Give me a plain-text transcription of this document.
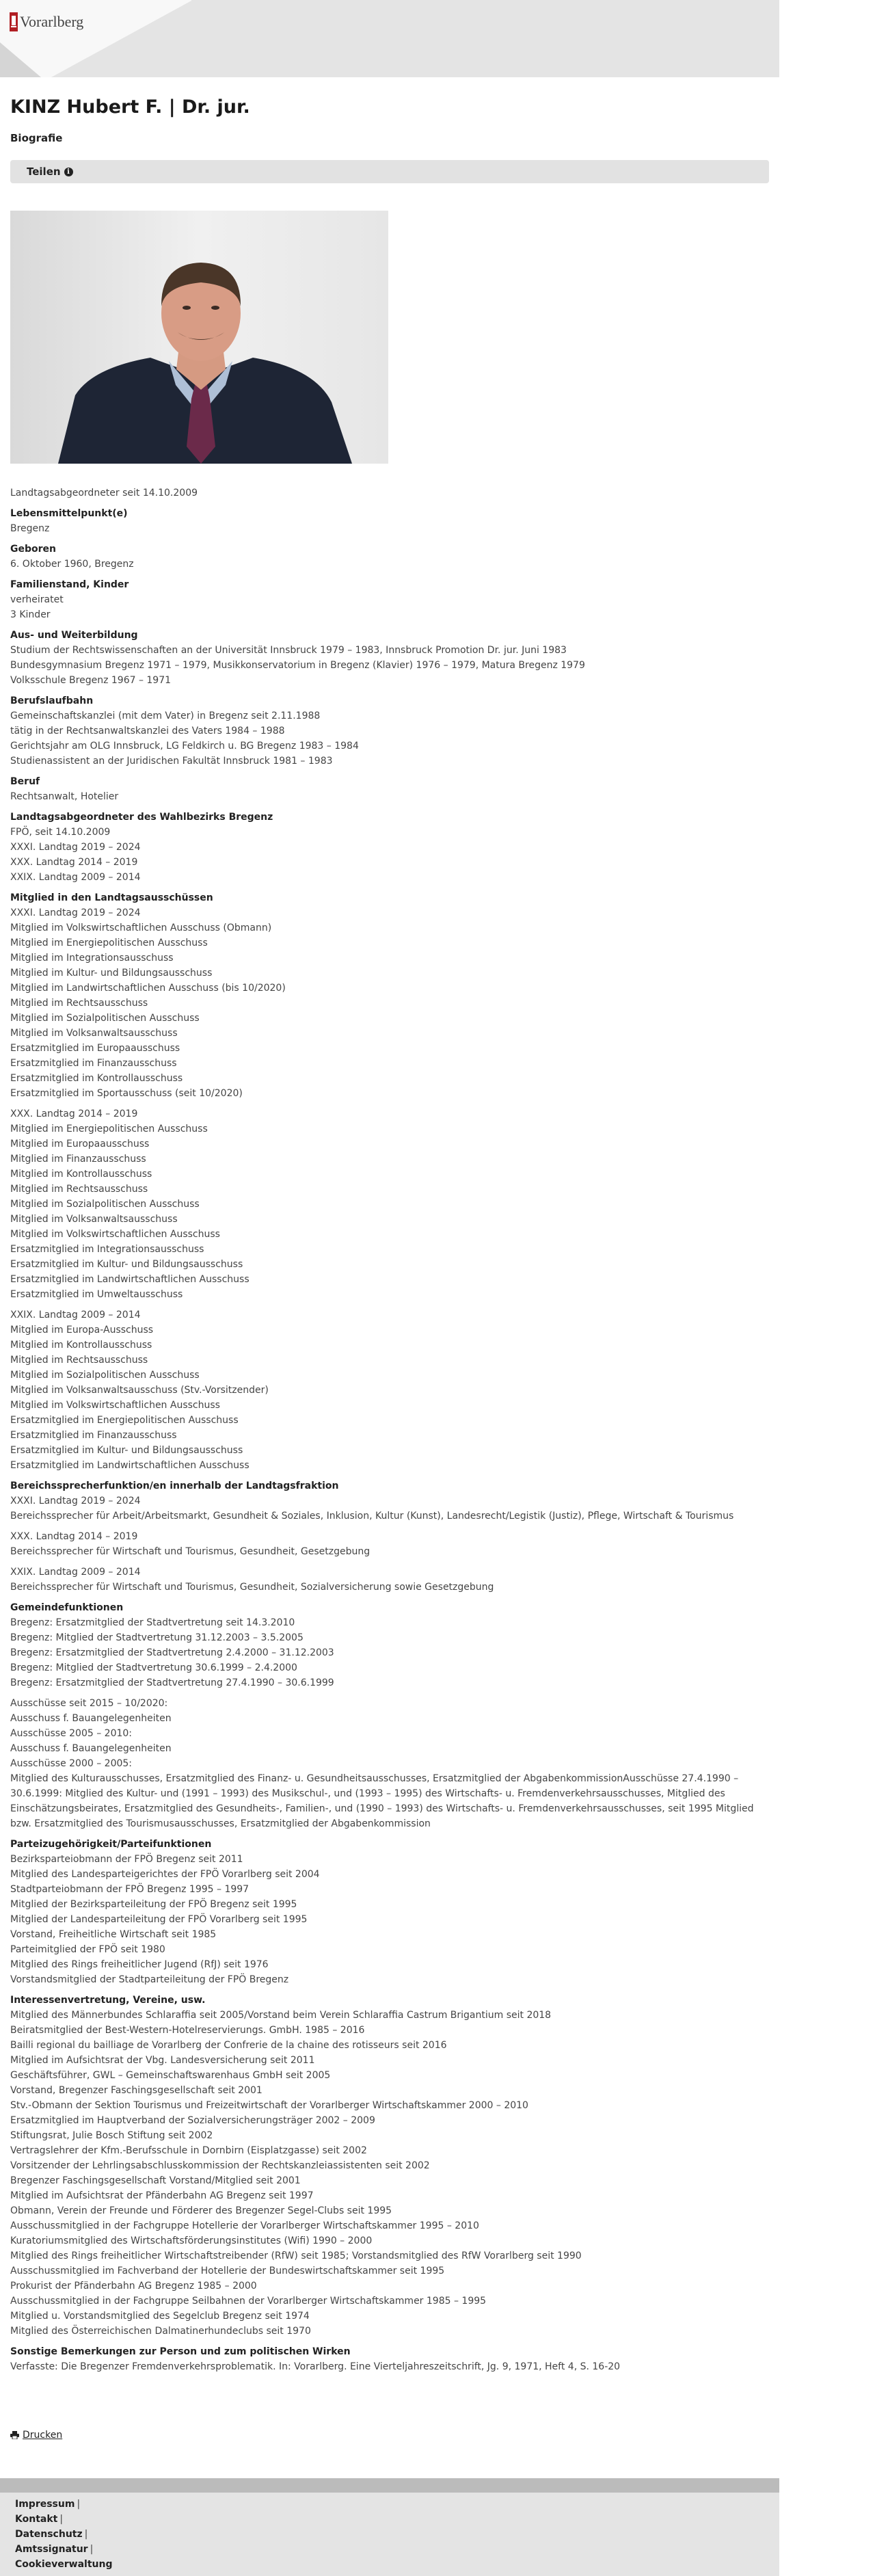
Vorarlberg
KINZ Hubert F. | Dr. jur.
Biografie
Teilen i
Landtagsabgeordneter seit 14.10.2009
Lebensmittelpunkt(e)
Bregenz
Geboren
6. Oktober 1960, Bregenz
Familienstand, Kinder
verheiratet
3 Kinder
Aus- und Weiterbildung
Studium der Rechtswissenschaften an der Universität Innsbruck 1979 – 1983, Innsbruck Promotion Dr. jur. Juni 1983
Bundesgymnasium Bregenz 1971 – 1979, Musikkonservatorium in Bregenz (Klavier) 1976 – 1979, Matura Bregenz 1979
Volksschule Bregenz 1967 – 1971
Berufslaufbahn
Gemeinschaftskanzlei (mit dem Vater) in Bregenz seit 2.11.1988
tätig in der Rechtsanwaltskanzlei des Vaters 1984 – 1988
Gerichtsjahr am OLG Innsbruck, LG Feldkirch u. BG Bregenz 1983 – 1984
Studienassistent an der Juridischen Fakultät Innsbruck 1981 – 1983
Beruf
Rechtsanwalt, Hotelier
Landtagsabgeordneter des Wahlbezirks Bregenz
FPÖ, seit 14.10.2009
XXXI. Landtag 2019 – 2024
XXX. Landtag 2014 – 2019
XXIX. Landtag 2009 – 2014
Mitglied in den Landtagsausschüssen
XXXI. Landtag 2019 – 2024
Mitglied im Volkswirtschaftlichen Ausschuss (Obmann)
Mitglied im Energiepolitischen Ausschuss
Mitglied im Integrationsausschuss
Mitglied im Kultur- und Bildungsausschuss
Mitglied im Landwirtschaftlichen Ausschuss (bis 10/2020)
Mitglied im Rechtsausschuss
Mitglied im Sozialpolitischen Ausschuss
Mitglied im Volksanwaltsausschuss
Ersatzmitglied im Europaausschuss
Ersatzmitglied im Finanzausschuss
Ersatzmitglied im Kontrollausschuss
Ersatzmitglied im Sportausschuss (seit 10/2020)
XXX. Landtag 2014 – 2019
Mitglied im Energiepolitischen Ausschuss
Mitglied im Europaausschuss
Mitglied im Finanzausschuss
Mitglied im Kontrollausschuss
Mitglied im Rechtsausschuss
Mitglied im Sozialpolitischen Ausschuss
Mitglied im Volksanwaltsausschuss
Mitglied im Volkswirtschaftlichen Ausschuss
Ersatzmitglied im Integrationsausschuss
Ersatzmitglied im Kultur- und Bildungsausschuss
Ersatzmitglied im Landwirtschaftlichen Ausschuss
Ersatzmitglied im Umweltausschuss
XXIX. Landtag 2009 – 2014
Mitglied im Europa-Ausschuss
Mitglied im Kontrollausschuss
Mitglied im Rechtsausschuss
Mitglied im Sozialpolitischen Ausschuss
Mitglied im Volksanwaltsausschuss (Stv.-Vorsitzender)
Mitglied im Volkswirtschaftlichen Ausschuss
Ersatzmitglied im Energiepolitischen Ausschuss
Ersatzmitglied im Finanzausschuss
Ersatzmitglied im Kultur- und Bildungsausschuss
Ersatzmitglied im Landwirtschaftlichen Ausschuss
Bereichssprecherfunktion/en innerhalb der Landtagsfraktion
XXXI. Landtag 2019 – 2024
Bereichssprecher für Arbeit/Arbeitsmarkt, Gesundheit & Soziales, Inklusion, Kultur (Kunst), Landesrecht/Legistik (Justiz), Pflege, Wirtschaft & Tourismus
XXX. Landtag 2014 – 2019
Bereichssprecher für Wirtschaft und Tourismus, Gesundheit, Gesetzgebung
XXIX. Landtag 2009 – 2014
Bereichssprecher für Wirtschaft und Tourismus, Gesundheit, Sozialversicherung sowie Gesetzgebung
Gemeindefunktionen
Bregenz: Ersatzmitglied der Stadtvertretung seit 14.3.2010
Bregenz: Mitglied der Stadtvertretung 31.12.2003 – 3.5.2005
Bregenz: Ersatzmitglied der Stadtvertretung 2.4.2000 – 31.12.2003
Bregenz: Mitglied der Stadtvertretung 30.6.1999 – 2.4.2000
Bregenz: Ersatzmitglied der Stadtvertretung 27.4.1990 – 30.6.1999
Ausschüsse seit 2015 – 10/2020:
Ausschuss f. Bauangelegenheiten
Ausschüsse 2005 – 2010:
Ausschuss f. Bauangelegenheiten
Ausschüsse 2000 – 2005:
Mitglied des Kulturausschusses, Ersatzmitglied des Finanz- u. Gesundheitsausschusses, Ersatzmitglied der AbgabenkommissionAusschüsse 27.4.1990 – 30.6.1999: Mitglied des Kultur- und (1991 – 1993) des Musikschul-, und (1993 – 1995) des Wirtschafts- u. Fremdenverkehrsausschusses, Mitglied des Einschätzungsbeirates, Ersatzmitglied des Gesundheits-, Familien-, und (1990 – 1993) des Wirtschafts- u. Fremdenverkehrsausschusses, seit 1995 Mitglied bzw. Ersatzmitglied des Tourismusausschusses, Ersatzmitglied der Abgabenkommission
Parteizugehörigkeit/Parteifunktionen
Bezirksparteiobmann der FPÖ Bregenz seit 2011
Mitglied des Landesparteigerichtes der FPÖ Vorarlberg seit 2004
Stadtparteiobmann der FPÖ Bregenz 1995 – 1997
Mitglied der Bezirksparteileitung der FPÖ Bregenz seit 1995
Mitglied der Landesparteileitung der FPÖ Vorarlberg seit 1995
Vorstand, Freiheitliche Wirtschaft seit 1985
Parteimitglied der FPÖ seit 1980
Mitglied des Rings freiheitlicher Jugend (RfJ) seit 1976
Vorstandsmitglied der Stadtparteileitung der FPÖ Bregenz
Interessenvertretung, Vereine, usw.
Mitglied des Männerbundes Schlaraffia seit 2005/Vorstand beim Verein Schlaraffia Castrum Brigantium seit 2018
Beiratsmitglied der Best-Western-Hotelreservierungs. GmbH. 1985 – 2016
Bailli regional du bailliage de Vorarlberg der Confrerie de la chaine des rotisseurs seit 2016
Mitglied im Aufsichtsrat der Vbg. Landesversicherung seit 2011
Geschäftsführer, GWL – Gemeinschaftswarenhaus GmbH seit 2005
Vorstand, Bregenzer Faschingsgesellschaft seit 2001
Stv.-Obmann der Sektion Tourismus und Freizeitwirtschaft der Vorarlberger Wirtschaftskammer 2000 – 2010
Ersatzmitglied im Hauptverband der Sozialversicherungsträger 2002 – 2009
Stiftungsrat, Julie Bosch Stiftung seit 2002
Vertragslehrer der Kfm.-Berufsschule in Dornbirn (Eisplatzgasse) seit 2002
Vorsitzender der Lehrlingsabschlusskommission der Rechtskanzleiassistenten seit 2002
Bregenzer Faschingsgesellschaft Vorstand/Mitglied seit 2001
Mitglied im Aufsichtsrat der Pfänderbahn AG Bregenz seit 1997
Obmann, Verein der Freunde und Förderer des Bregenzer Segel-Clubs seit 1995
Ausschussmitglied in der Fachgruppe Hotellerie der Vorarlberger Wirtschaftskammer 1995 – 2010
Kuratoriumsmitglied des Wirtschaftsförderungsinstitutes (Wifi) 1990 – 2000
Mitglied des Rings freiheitlicher Wirtschaftstreibender (RfW) seit 1985; Vorstandsmitglied des RfW Vorarlberg seit 1990
Ausschussmitglied im Fachverband der Hotellerie der Bundeswirtschaftskammer seit 1995
Prokurist der Pfänderbahn AG Bregenz 1985 – 2000
Ausschussmitglied in der Fachgruppe Seilbahnen der Vorarlberger Wirtschaftskammer 1985 – 1995
Mitglied u. Vorstandsmitglied des Segelclub Bregenz seit 1974
Mitglied des Österreichischen Dalmatinerhundeclubs seit 1970
Sonstige Bemerkungen zur Person und zum politischen Wirken
Verfasste: Die Bregenzer Fremdenverkehrsproblematik. In: Vorarlberg. Eine Vierteljahreszeitschrift, Jg. 9, 1971, Heft 4, S. 16-20
Drucken
Impressum |
Kontakt |
Datenschutz |
Amtssignatur |
Cookieverwaltung
